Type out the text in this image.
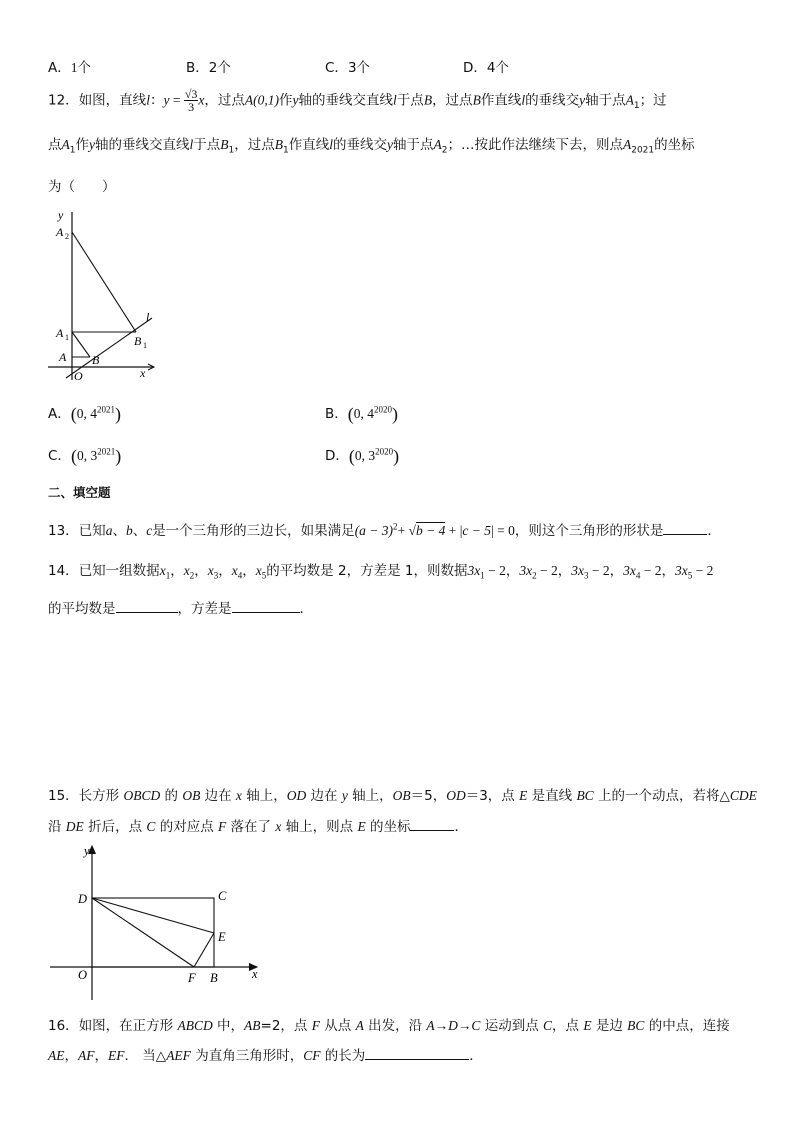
A．1个	B．2个	C．3个	D．4个
12．如图，直线l：$y = \frac{√3}{3}$ x，过点A(0,1)作y轴的垂线交直线l于点B，过点B作直线l的垂线交y轴于点$A_1$；过
点$A_1$作y轴的垂线交直线l于点$B_1$，过点$B_1$作直线l的垂线交y轴于点$A_2$；…按此作法继续下去，则点$A_{2021}$的坐标
为（　　）
y
A 2
A 1
A B
B 1
l
O	x
A．(0, $4^{2021}$)	B．(0, $4^{2020}$)
C．(0, $3^{2021}$)	D．(0, $3^{2020}$)
二、填空题
13．已知a、b、c是一个三角形的三边长，如果满足$(a - 3)^2+ √b - 4 + |c - 5| = 0$，则这个三角形的形状是	．
14．已知一组数据$x_1$，$x_2$，$x_3$，$x_4$，$x_5$的平均数是 2，方差是 1，则数据$3x_1 - 2$，$3x_2 - 2$，$3x_3 - 2$，$3x_4 - 2$，$3x_5 - 2$
的平均数是	，方差是	．
15．长方形 OBCD 的 OB 边在 x 轴上，OD 边在 y 轴上，OB＝5，OD＝3，点 E 是直线 BC 上的一个动点，若将△CDE
沿 DE 折后，点 C 的对应点 F 落在了 x 轴上，则点 E 的坐标	．
y
D	C
E
O	F B	x
16．如图，在正方形 ABCD 中，AB=2，点 F 从点 A 出发，沿 A→D→C 运动到点 C，点 E 是边 BC 的中点，连接
AE，AF，EF． 当△AEF 为直角三角形时，CF 的长为	．
